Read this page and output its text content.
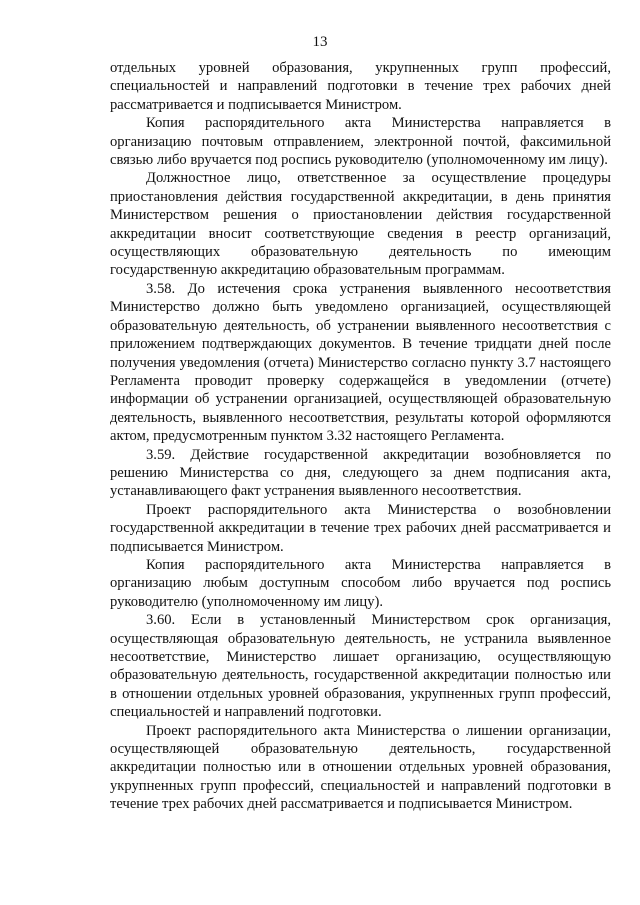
13

отдельных уровней образования, укрупненных групп профессий, специальностей и направлений подготовки в течение трех рабочих дней рассматривается и подписывается Министром.

Копия распорядительного акта Министерства направляется в организацию почтовым отправлением, электронной почтой, факсимильной связью либо вручается под роспись руководителю (уполномоченному им лицу).

Должностное лицо, ответственное за осуществление процедуры приостановления действия государственной аккредитации, в день принятия Министерством решения о приостановлении действия государственной аккредитации вносит соответствующие сведения в реестр организаций, осуществляющих образовательную деятельность по имеющим государственную аккредитацию образовательным программам.

3.58. До истечения срока устранения выявленного несоответствия Министерство должно быть уведомлено организацией, осуществляющей образовательную деятельность, об устранении выявленного несоответствия с приложением подтверждающих документов. В течение тридцати дней после получения уведомления (отчета) Министерство согласно пункту 3.7 настоящего Регламента проводит проверку содержащейся в уведомлении (отчете) информации об устранении организацией, осуществляющей образовательную деятельность, выявленного несоответствия, результаты которой оформляются актом, предусмотренным пунктом 3.32 настоящего Регламента.

3.59. Действие государственной аккредитации возобновляется по решению Министерства со дня, следующего за днем подписания акта, устанавливающего факт устранения выявленного несоответствия.

Проект распорядительного акта Министерства о возобновлении государственной аккредитации в течение трех рабочих дней рассматривается и подписывается Министром.

Копия распорядительного акта Министерства направляется в организацию любым доступным способом либо вручается под роспись руководителю (уполномоченному им лицу).

3.60. Если в установленный Министерством срок организация, осуществляющая образовательную деятельность, не устранила выявленное несоответствие, Министерство лишает организацию, осуществляющую образовательную деятельность, государственной аккредитации полностью или в отношении отдельных уровней образования, укрупненных групп профессий, специальностей и направлений подготовки.

Проект распорядительного акта Министерства о лишении организации, осуществляющей образовательную деятельность, государственной аккредитации полностью или в отношении отдельных уровней образования, укрупненных групп профессий, специальностей и направлений подготовки в течение трех рабочих дней рассматривается и подписывается Министром.
